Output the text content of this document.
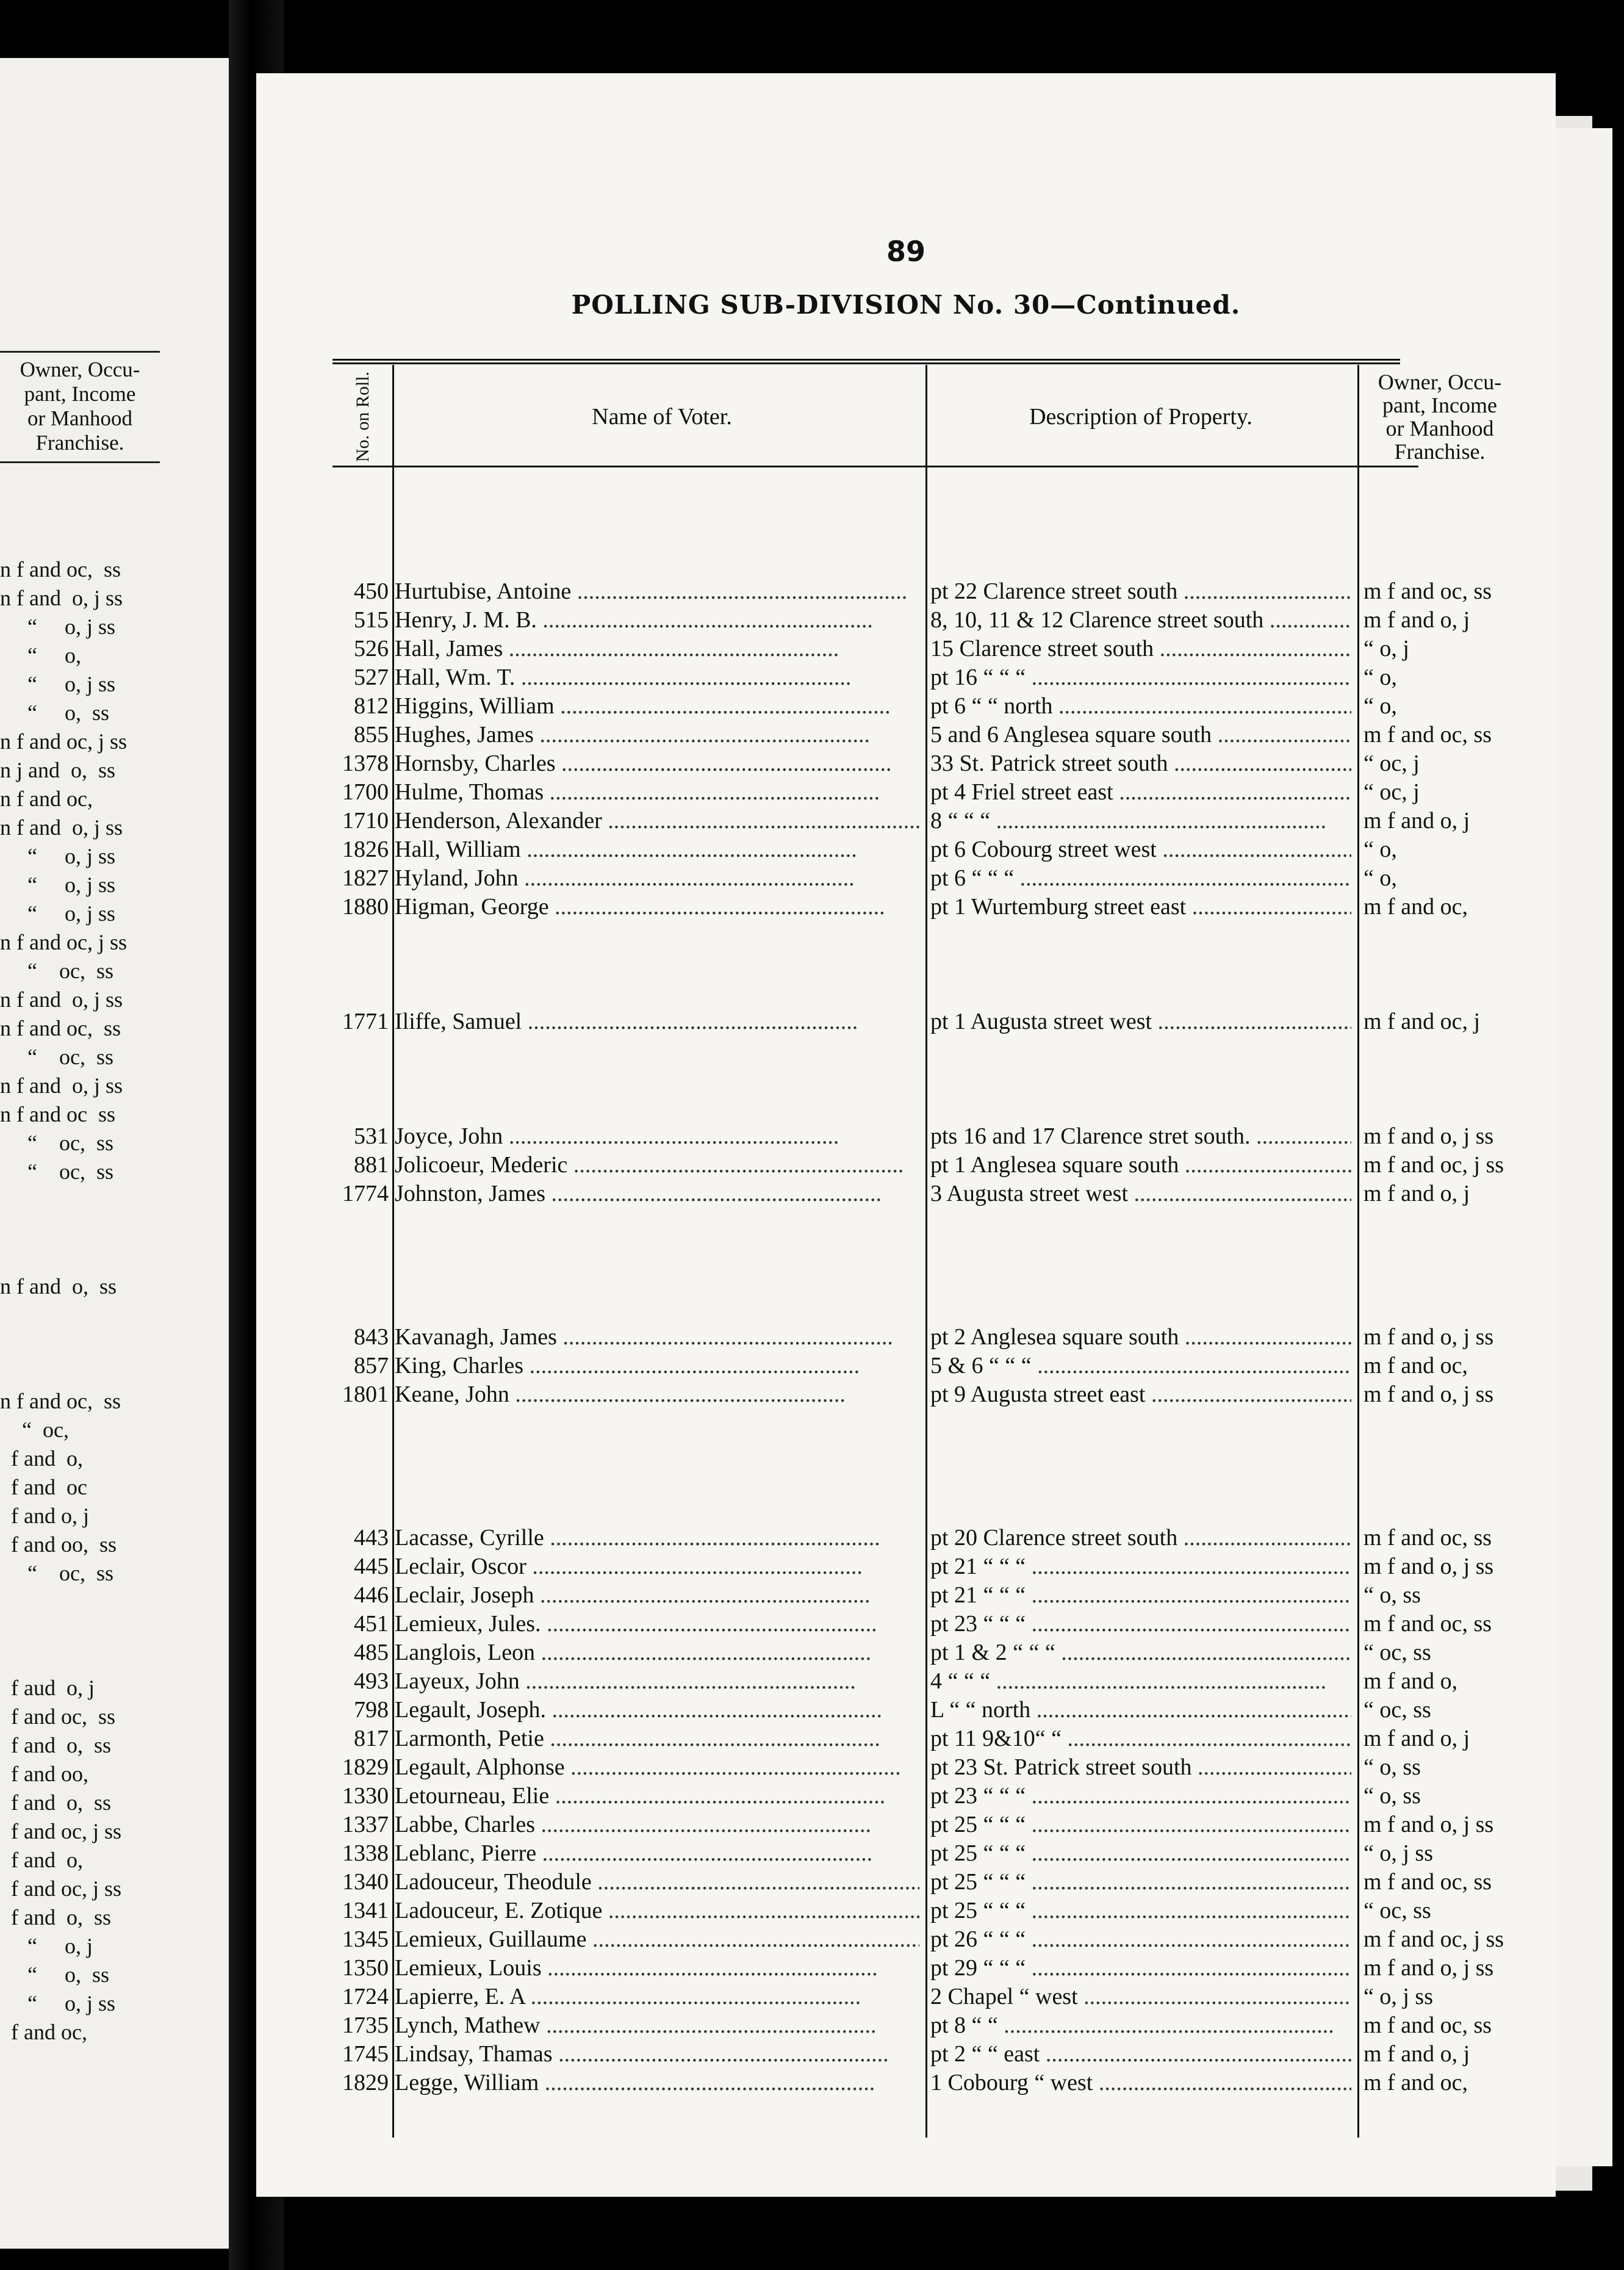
Owner, Occu-
pant, Income
or Manhood
Franchise.
n f and oc,  ss
n f and  o, j ss
“     o, j ss
“     o,
“     o, j ss
“     o,  ss
n f and oc, j ss
n j and  o,  ss
n f and oc,
n f and  o, j ss
“     o, j ss
“     o, j ss
“     o, j ss
n f and oc, j ss
“    oc,  ss
n f and  o, j ss
n f and oc,  ss
“    oc,  ss
n f and  o, j ss
n f and oc  ss
“    oc,  ss
“    oc,  ss
n f and  o,  ss
n f and oc,  ss
“  oc,
f and  o,
f and  oc
f and o, j
f and oo,  ss
“    oc,  ss
f aud  o, j
f and oc,  ss
f and  o,  ss
f and oo,
f and  o,  ss
f and oc, j ss
f and  o,
f and oc, j ss
f and  o,  ss
“     o, j
“     o,  ss
“     o, j ss
f and oc,
89
POLLING SUB-DIVISION No. 30—Continued.
No. on Roll.	Name of Voter.	Description of Property.
Owner, Occu-
pant, Income
or Manhood
Franchise.
450 Hurtubise, Antoine .....	pt 22 Clarence street south .....	m f and oc, ss
515 Henry, J. M. B. .....	8, 10, 11 & 12 Clarence street south .....	m f and o, j
526 Hall, James .....	15 Clarence street south .....	“ o, j
527 Hall, Wm. T. .....	pt 16 “ “ “ .....	“ o,
812 Higgins, William .....	pt 6 “ “ north .....	“ o,
855 Hughes, James .....	5 and 6 Anglesea square south .....	m f and oc, ss
1378 Hornsby, Charles .....	33 St. Patrick street south .....	“ oc, j
1700 Hulme, Thomas .....	pt 4 Friel street east .....	“ oc, j
1710 Henderson, Alexander .....	8 “ “ “ .....	m f and o, j
1826 Hall, William .....	pt 6 Cobourg street west .....	“ o,
1827 Hyland, John .....	pt 6 “ “ “ .....	“ o,
1880 Higman, George .....	pt 1 Wurtemburg street east .....	m f and oc,
1771 Iliffe, Samuel .....	pt 1 Augusta street west .....	m f and oc, j
531 Joyce, John .....	pts 16 and 17 Clarence stret south. .....	m f and o, j ss
881 Jolicoeur, Mederic .....	pt 1 Anglesea square south .....	m f and oc, j ss
1774 Johnston, James .....	3 Augusta street west .....	m f and o, j
843 Kavanagh, James .....	pt 2 Anglesea square south .....	m f and o, j ss
857 King, Charles .....	5 & 6 “ “ “ .....	m f and oc,
1801 Keane, John .....	pt 9 Augusta street east .....	m f and o, j ss
443 Lacasse, Cyrille .....	pt 20 Clarence street south .....	m f and oc, ss
445 Leclair, Oscor .....	pt 21 “ “ “ .....	m f and o, j ss
446 Leclair, Joseph .....	pt 21 “ “ “ .....	“ o, ss
451 Lemieux, Jules. .....	pt 23 “ “ “ .....	m f and oc, ss
485 Langlois, Leon .....	pt 1 & 2 “ “ “ .....	“ oc, ss
493 Layeux, John .....	4 “ “ “ .....	m f and o,
798 Legault, Joseph. .....	L “ “ north .....	“ oc, ss
817 Larmonth, Petie .....	pt 11 9&10“ “ .....	m f and o, j
1829 Legault, Alphonse .....	pt 23 St. Patrick street south .....	“ o, ss
1330 Letourneau, Elie .....	pt 23 “ “ “ .....	“ o, ss
1337 Labbe, Charles .....	pt 25 “ “ “ .....	m f and o, j ss
1338 Leblanc, Pierre .....	pt 25 “ “ “ .....	“ o, j ss
1340 Ladouceur, Theodule .....	pt 25 “ “ “ .....	m f and oc, ss
1341 Ladouceur, E. Zotique .....	pt 25 “ “ “ .....	“ oc, ss
1345 Lemieux, Guillaume .....	pt 26 “ “ “ .....	m f and oc, j ss
1350 Lemieux, Louis .....	pt 29 “ “ “ .....	m f and o, j ss
1724 Lapierre, E. A .....	2 Chapel “ west .....	“ o, j ss
1735 Lynch, Mathew .....	pt 8 “ “ .....	m f and oc, ss
1745 Lindsay, Thamas .....	pt 2 “ “ east .....	m f and o, j
1829 Legge, William .....	1 Cobourg “ west .....	m f and oc,
